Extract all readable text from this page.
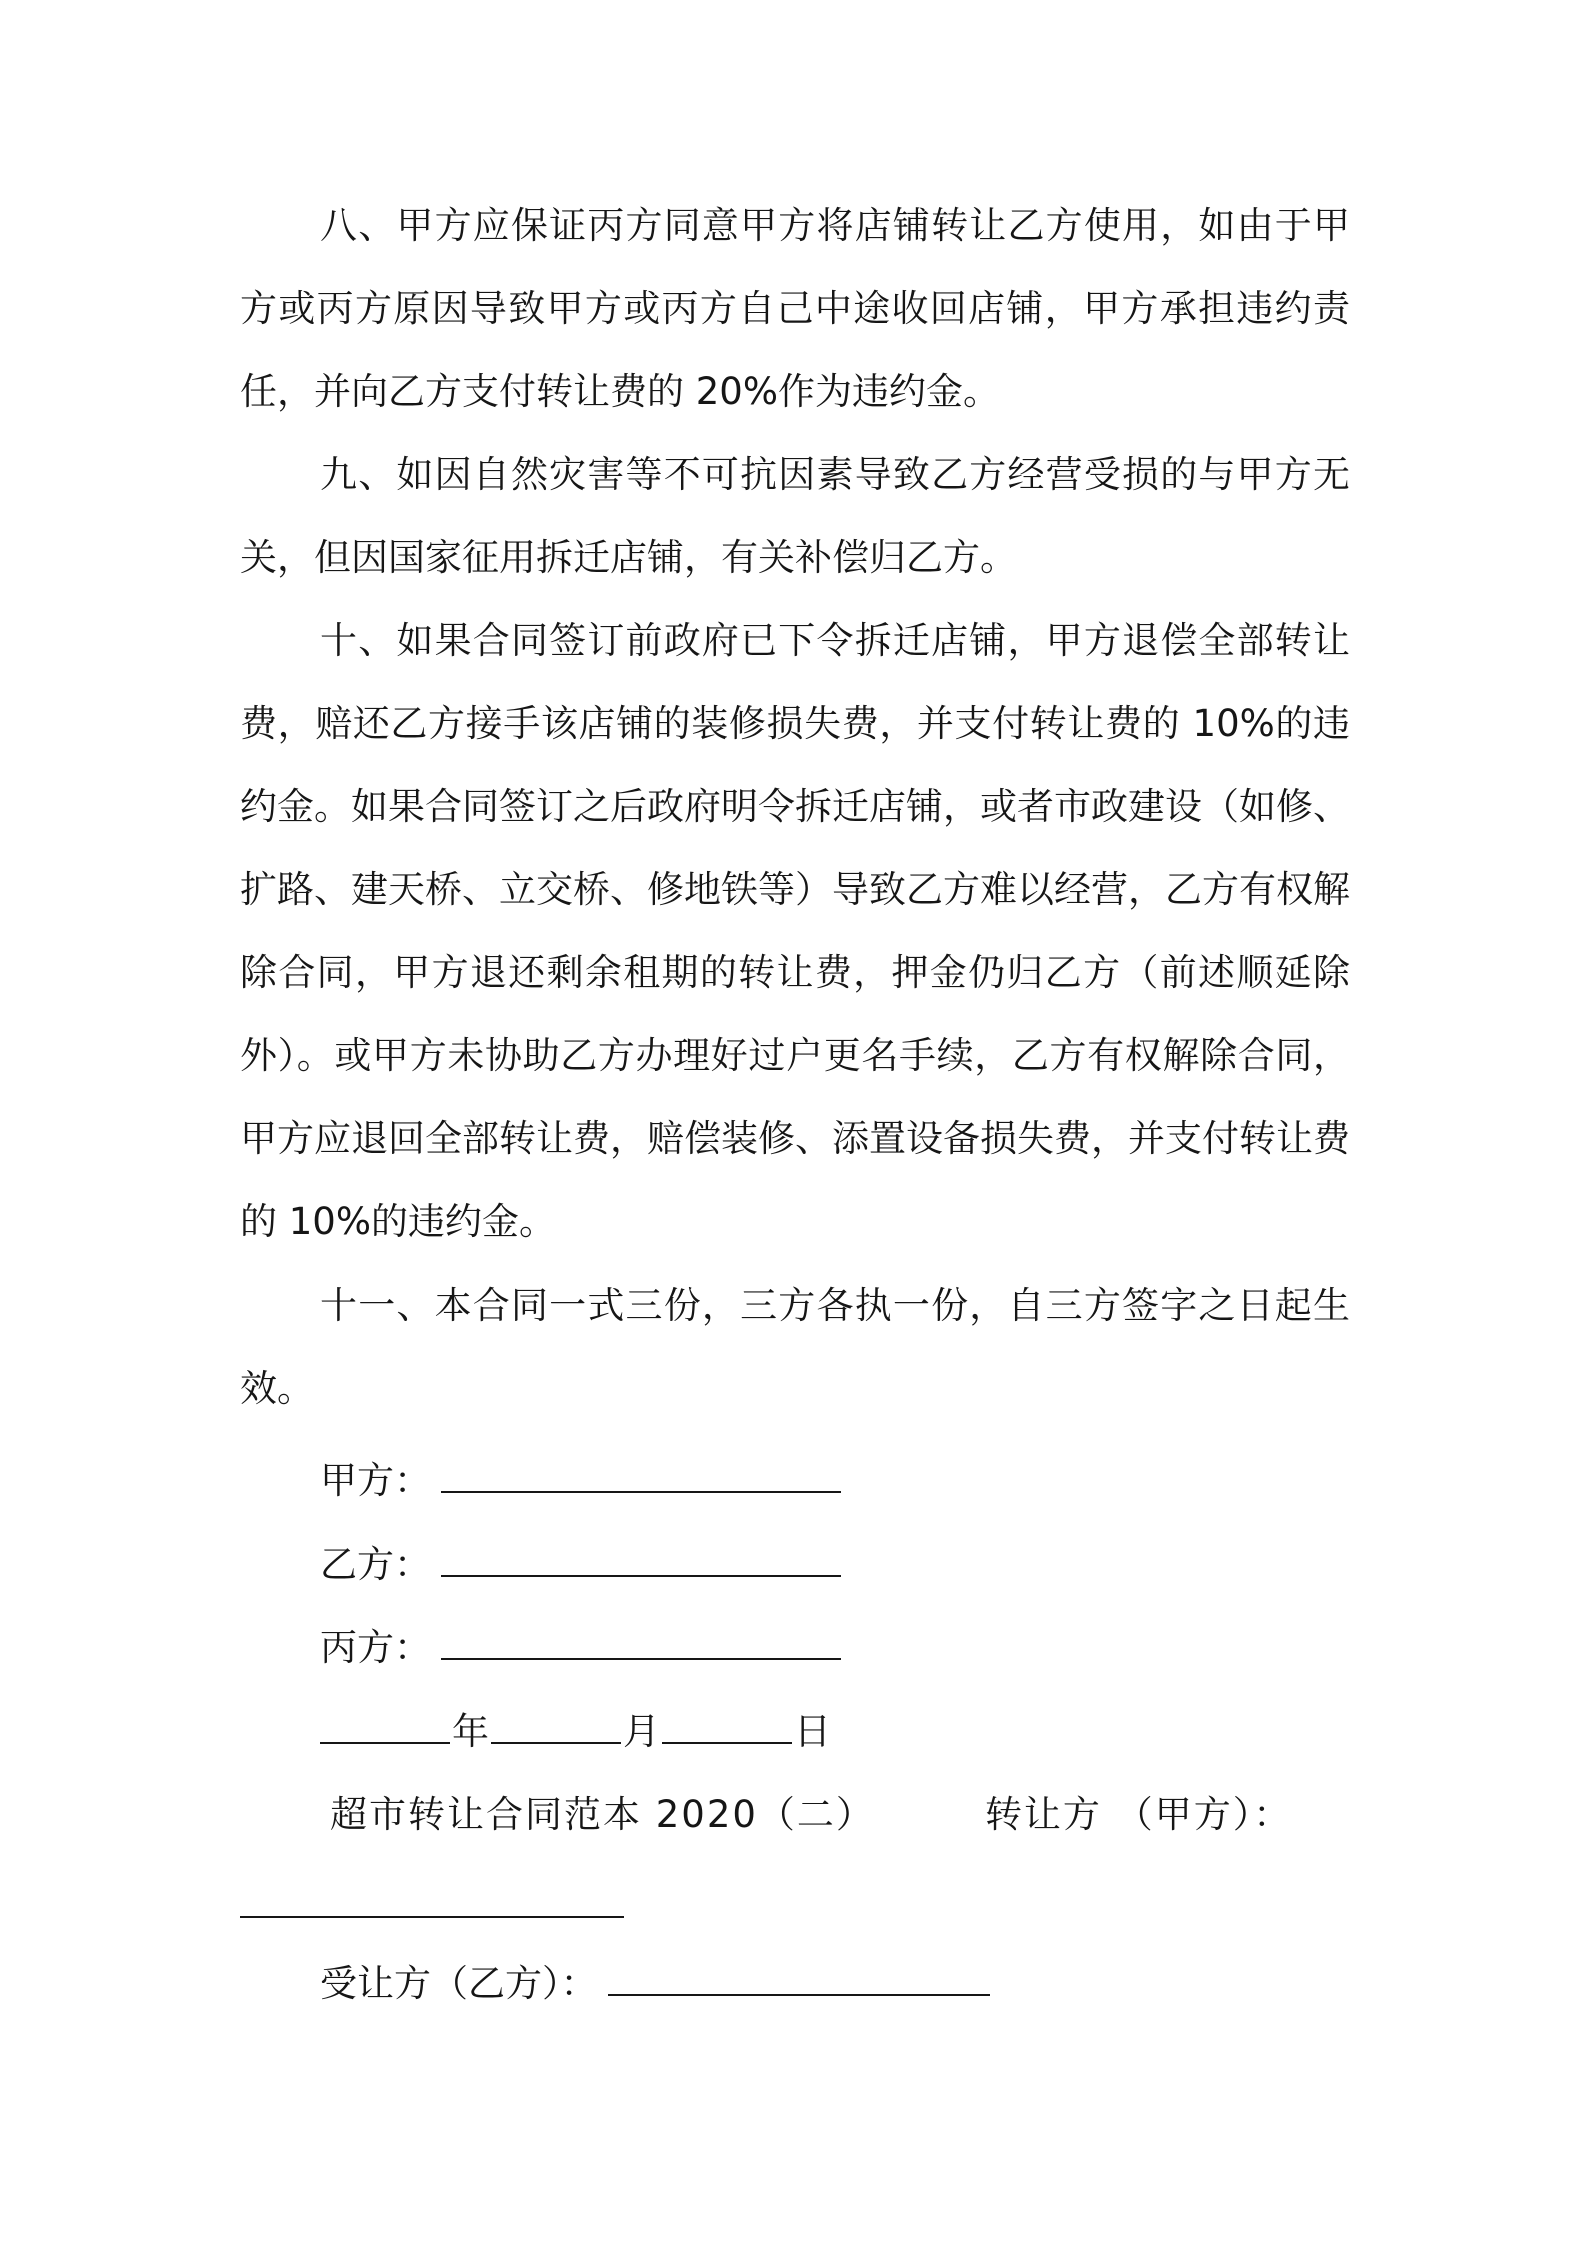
八、甲方应保证丙方同意甲方将店铺转让乙方使用，如由于甲方或丙方原因导致甲方或丙方自己中途收回店铺，甲方承担违约责任，并向乙方支付转让费的 20%作为违约金。

九、如因自然灾害等不可抗因素导致乙方经营受损的与甲方无关，但因国家征用拆迁店铺，有关补偿归乙方。

十、如果合同签订前政府已下令拆迁店铺，甲方退偿全部转让费，赔还乙方接手该店铺的装修损失费，并支付转让费的 10%的违约金。如果合同签订之后政府明令拆迁店铺，或者市政建设（如修、扩路、建天桥、立交桥、修地铁等）导致乙方难以经营，乙方有权解除合同，甲方退还剩余租期的转让费，押金仍归乙方（前述顺延除外）。或甲方未协助乙方办理好过户更名手续，乙方有权解除合同，甲方应退回全部转让费，赔偿装修、添置设备损失费，并支付转让费的 10%的违约金。

十一、本合同一式三份，三方各执一份，自三方签字之日起生效。

甲方：

乙方：

丙方：

年	月	日

超市转让合同范本 2020（二）	转让方 （甲方）：

受让方（乙方）：
